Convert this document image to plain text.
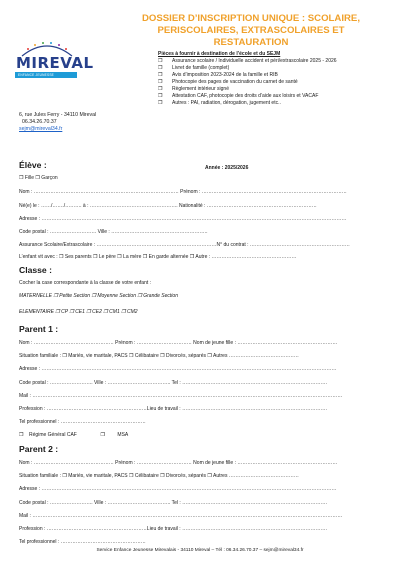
MIREVAL
ENFANCE JEUNESSE
6, rue Jules Ferry - 34110 Mireval
06.34.26.70.37
sejm@mireval34.fr
DOSSIER D’INSCRIPTION UNIQUE : SCOLAIRE,
PERISCOLAIRES, EXTRASCOLAIRES ET RESTAURATION
Pièces à fournir à destination de l’école et du SEJM
❒	Assurance scolaire / Individuelle accident et péri/extrascolaire 2025 - 2026
❒	Livret de famille (complet)
❒	Avis d’imposition 2023-2024 de la famille et RIB
❒	Photocopie des pages de vaccination du carnet de santé
❒	Règlement intérieur signé
❒	Attestation CAF, photocopie des droits d’aide aux loisirs et VACAF
❒	Autres : PAI, radiation, dérogation, jugement etc..
Élève :	Année : 2025/2026
❒ Fille ❒ Garçon
Nom : …………………………………………………………………………… Prénom : ……………………………………………………………………………
Né(e) le : ……/……./………. à : …………………………………………….. Nationalité : …………………………………………………………
Adresse : …………………………………………………………………………………………………………………………………………………………………
Code postal : ………………………. Ville : ………………………………………………….
Assurance Scolaire/Extrascolaire : ………………………………………………………………N° du contrat : ……………………………………………………
L’enfant vit avec : ❒ Ses parents ❒ Le père ❒ La mère ❒ En garde alternée ❒ Autre : ……………………………………………
Classe :
Cocher la case correspondante à la classe de votre enfant :
MATERNELLE ❒ Petite Section ❒ Moyenne Section ❒ Grande Section
ELEMENTAIRE ❒ CP ❒ CE1 ❒ CE2 ❒ CM1 ❒ CM2
Parent 1 :
Nom : ………………………………………… Prénom : …………………………… Nom de jeune fille : ……………………………………………………
Situation familiale : ❒ Mariés, vie maritale, PACS ❒ Célibataire ❒ Divorcés, séparés ❒ Autres ……………………………………
Adresse : ……………………………………………………………………………………………………………………………………………………………
Code postal : …………………….. Ville : ……………………………….. Tel : ……………………………………………………………………………
Mail : ……………………………………………………………………………………………………………………………………………………………………
Profession : ……………………………………………………Lieu de travail : ……………………………………………………………………………
Tel professionnel : ……………………………………………
❒    Régime Général CAF                 ❒         MSA
Parent 2 :
Nom : ………………………………………… Prénom : …………………………… Nom de jeune fille : ……………………………………………………
Situation familiale : ❒ Mariés, vie maritale, PACS ❒ Célibataire ❒ Divorcés, séparés ❒ Autres ……………………………………
Adresse : ……………………………………………………………………………………………………………………………………………………………
Code postal : …………………….. Ville : ……………………………….. Tel : ……………………………………………………………………………
Mail : ……………………………………………………………………………………………………………………………………………………………………
Profession : ……………………………………………………Lieu de travail : ……………………………………………………………………………
Tel professionnel : ……………………………………………
Service Enfance Jeunesse Mirevalais - 34110 Mireval – Tél : 06.34.26.70.37 – sejm@mireval34.fr
